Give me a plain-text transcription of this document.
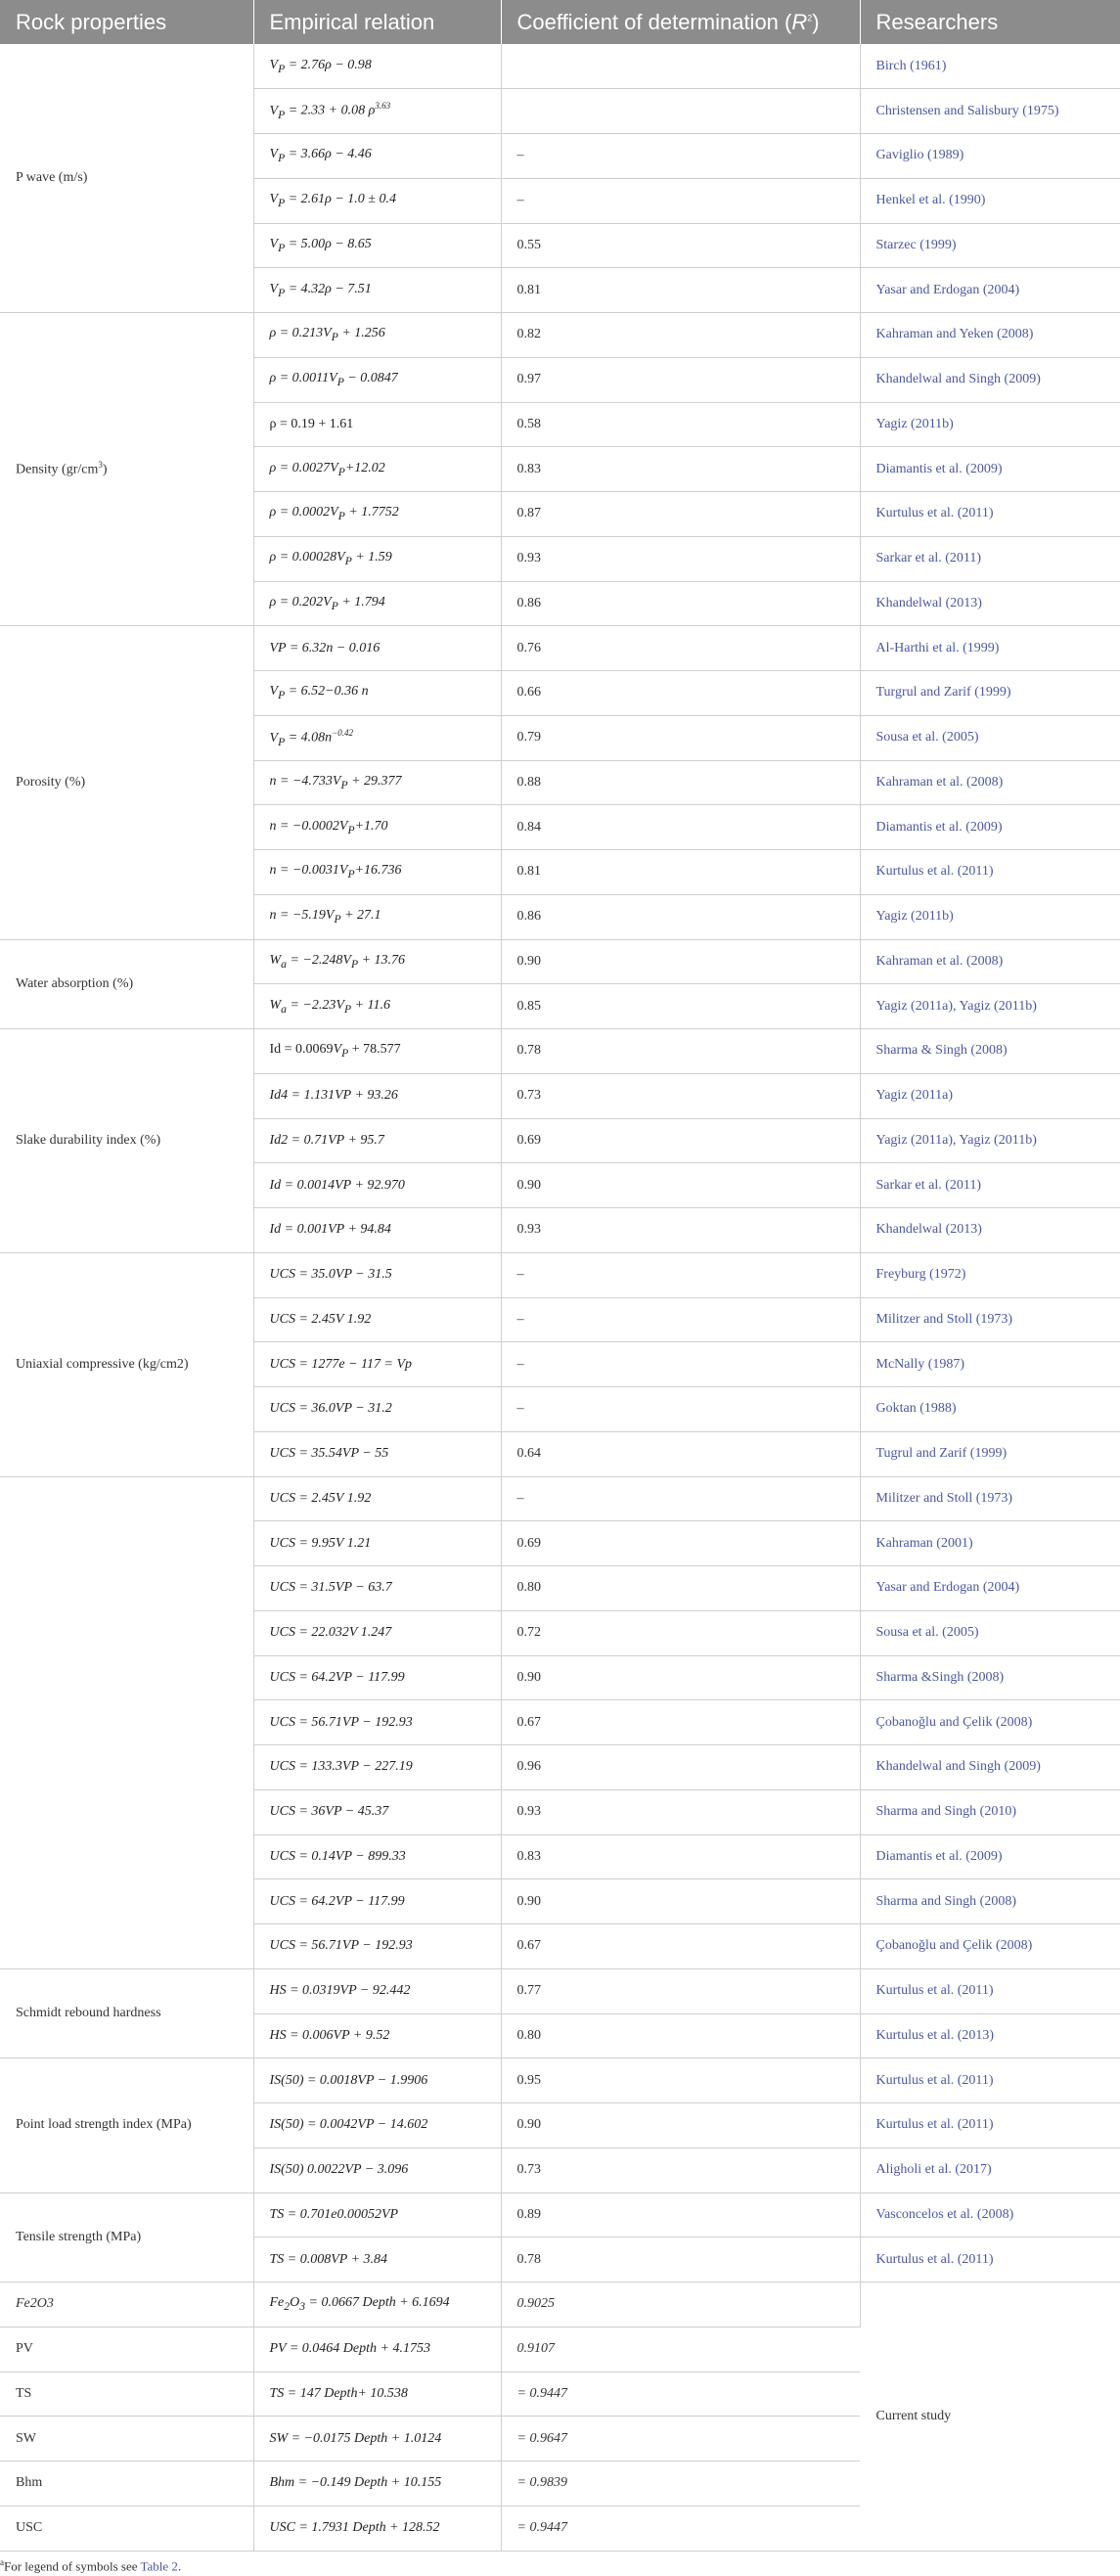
Rock properties	Empirical relation	Coefficient of determination $(R^2)$	Researchers
P wave (m/s)	$V_P = 2.76\rho - 0.98$		Birch (1961)
	$V_P = 2.33 + 0.08$ $\rho^{3.63}$		Christensen and Salisbury (1975)
	$V_P = 3.66\rho - 4.46$	–	Gaviglio (1989)
	$V_P = 2.61\rho - 1.0 \pm 0.4$	–	Henkel et al. (1990)
	$V_P = 5.00\rho - 8.65$	0.55	Starzec (1999)
	$V_P = 4.32\rho - 7.51$	0.81	Yasar and Erdogan (2004)
Density $(gr/cm^3)$	$\rho = 0.213V_P + 1.256$	0.82	Kahraman and Yeken (2008)
	$\rho = 0.0011V_P - 0.0847$	0.97	Khandelwal and Singh (2009)
	ρ = 0.19 + 1.61	0.58	Yagiz (2011b)
	$\rho = 0.0027V_P+12.02$	0.83	Diamantis et al. (2009)
	$\rho = 0.0002V_P + 1.7752$	0.87	Kurtulus et al. (2011)
	$\rho = 0.00028V_P + 1.59$	0.93	Sarkar et al. (2011)
	$\rho = 0.202V_P + 1.794$	0.86	Khandelwal (2013)
Porosity (%)	VP = 6.32n − 0.016	0.76	Al-Harthi et al. (1999)
	$V_P = 6.52-0.36$ n	0.66	Turgrul and Zarif (1999)
	$V_P = 4.08n^{-0.42}$	0.79	Sousa et al. (2005)
	$n = -4.733V_P + 29.377$	0.88	Kahraman et al. (2008)
	$n = -0.0002V_P+1.70$	0.84	Diamantis et al. (2009)
	$n = -0.0031V_P+16.736$	0.81	Kurtulus et al. (2011)
	$n = -5.19V_P + 27.1$	0.86	Yagiz (2011b)
Water absorption (%)	$W_a = -2.248V_P + 13.76$	0.90	Kahraman et al. (2008)
	$W_a = -2.23V_P + 11.6$	0.85	Yagiz (2011a), Yagiz (2011b)
Slake durability index (%)	$Id = 0.0069V_P + 78.577$	0.78	Sharma & Singh (2008)
	Id4 = 1.131VP + 93.26	0.73	Yagiz (2011a)
	Id2 = 0.71VP + 95.7	0.69	Yagiz (2011a), Yagiz (2011b)
	Id = 0.0014VP + 92.970	0.90	Sarkar et al. (2011)
	Id = 0.001VP + 94.84	0.93	Khandelwal (2013)
Uniaxial compressive (kg/cm2)	UCS = 35.0VP − 31.5	–	Freyburg (1972)
	UCS = 2.45V 1.92	–	Militzer and Stoll (1973)
	UCS = 1277e − 117 = Vp	–	McNally (1987)
	UCS = 36.0VP − 31.2	–	Goktan (1988)
	UCS = 35.54VP − 55	0.64	Tugrul and Zarif (1999)
	UCS = 2.45V 1.92	–	Militzer and Stoll (1973)
	UCS = 9.95V 1.21	0.69	Kahraman (2001)
	UCS = 31.5VP − 63.7	0.80	Yasar and Erdogan (2004)
	UCS = 22.032V 1.247	0.72	Sousa et al. (2005)
	UCS = 64.2VP − 117.99	0.90	Sharma &Singh (2008)
	UCS = 56.71VP − 192.93	0.67	Çobanoğlu and Çelik (2008)
	UCS = 133.3VP − 227.19	0.96	Khandelwal and Singh (2009)
	UCS = 36VP − 45.37	0.93	Sharma and Singh (2010)
	UCS = 0.14VP − 899.33	0.83	Diamantis et al. (2009)
	UCS = 64.2VP − 117.99	0.90	Sharma and Singh (2008)
	UCS = 56.71VP − 192.93	0.67	Çobanoğlu and Çelik (2008)
Schmidt rebound hardness	HS = 0.0319VP − 92.442	0.77	Kurtulus et al. (2011)
	HS = 0.006VP + 9.52	0.80	Kurtulus et al. (2013)
Point load strength index (MPa)	IS(50) = 0.0018VP − 1.9906	0.95	Kurtulus et al. (2011)
	IS(50) = 0.0042VP − 14.602	0.90	Kurtulus et al. (2011)
	IS(50) 0.0022VP − 3.096	0.73	Aligholi et al. (2017)
Tensile strength (MPa)	TS = 0.701e0.00052VP	0.89	Vasconcelos et al. (2008)
	TS = 0.008VP + 3.84	0.78	Kurtulus et al. (2011)
Fe2O3	$Fe_2O_3 = 0.0667$ Depth + 6.1694	0.9025	Current study
PV	PV = 0.0464 Depth + 4.1753	0.9107	
TS	TS = 147 Depth+ 10.538	= 0.9447	
SW	SW = −0.0175 Depth + 1.0124	= 0.9647	
Bhm	Bhm = −0.149 Depth + 10.155	= 0.9839	
USC	USC = 1.7931 Depth + 128.52	= 0.9447	
$^a$For legend of symbols see Table 2.
